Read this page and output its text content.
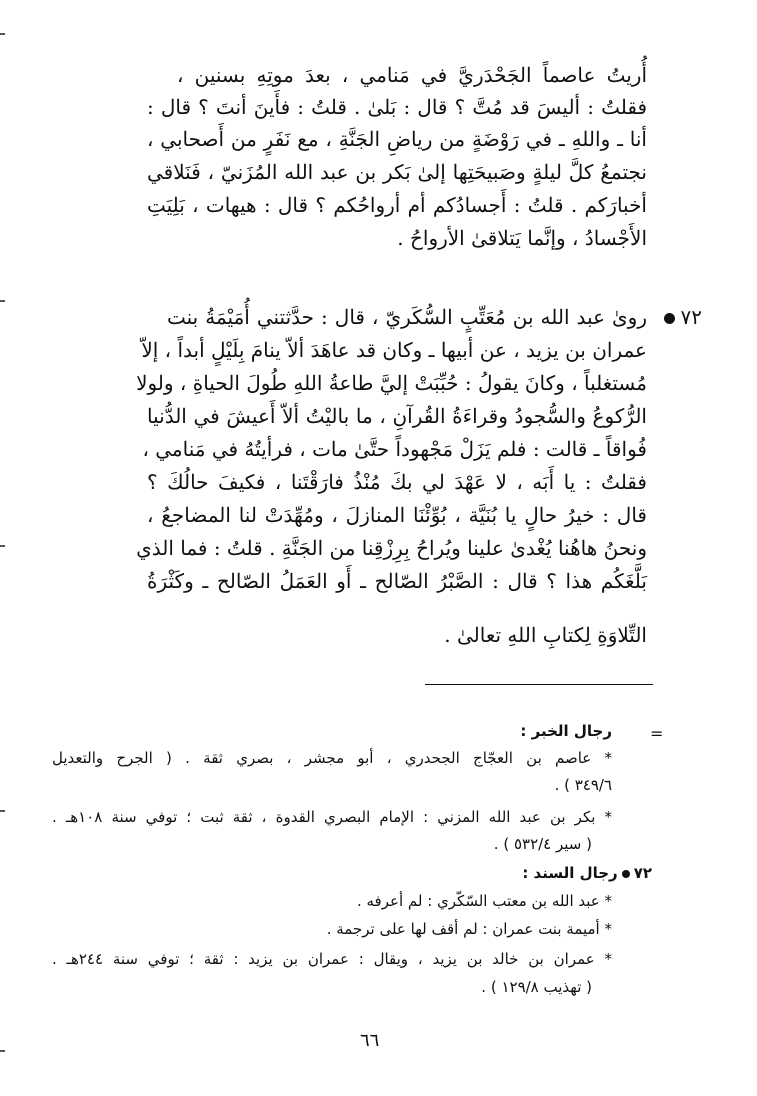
أُريتُ عاصماً الجَحْدَريَّ في مَنامي ، بعدَ موتِهِ بسنين ،
فقلتُ : أليسَ قد مُتَّ ؟ قال : بَلىٰ . قلتُ : فأَينَ أنتَ ؟ قال :
أنا ـ واللهِ ـ في رَوْضَةٍ من رياضِ الجَنَّةِ ، مع نَفَرٍ من أَصحابي ،
نجتمعُ كلَّ ليلةٍ وصَبيحَتِها إلىٰ بَكر بن عبد الله المُزَنيّ ، فَنَلاقي
أخبارَكم . قلتُ : أَجسادُكم أم أرواحُكم ؟ قال : هيهات ، بَلِيَتِ
الأَجْسادُ ، وإنَّما يَتلاقىٰ الأرواحُ .
٧٢
روىٰ عبد الله بن مُعَتِّبٍ السُّكَريّ ، قال : حدَّثتني أُمَيْمَةُ بنت
عمران بن يزيد ، عن أبيها ـ وكان قد عاهَدَ ألاّ ينامَ بِلَيْلٍ أبداً ، إلاّ
مُستغلباً ، وكانَ يقولُ : حُبِّبَتْ إليَّ طاعةُ اللهِ طُولَ الحياةِ ، ولولا
الرُّكوعُ والسُّجودُ وقراءَةُ القُرآنِ ، ما باليْتُ ألاّ أَعيشَ في الدُّنيا
فُواقاً ـ قالت : فلم يَزَلْ مَجْهوداً حتَّىٰ مات ، فرأيتُهُ في مَنامي ،
فقلتُ : يا أَبَه ، لا عَهْدَ لي بكَ مُنْذُ فارَقْتَنا ، فكيفَ حالُكَ ؟
قال : خيرُ حالٍ يا بُنَيَّة ، بُوِّئْنَا المنازلَ ، ومُهِّدَتْ لنا المضاجعُ ،
ونحنُ هاهُنا يُغْدىٰ علينا ويُراحُ بِرِزْقِنا من الجَنَّةِ . قلتُ : فما الذي
بَلَّغَكُم هذا ؟ قال : الصَّبْرُ الصّالح ـ أَو العَمَلُ الصّالح ـ وكَثْرَةُ
التِّلاوَةِ لِكتابِ اللهِ تعالىٰ .
=
رجال الخبر :
* عاصم بن العجّاج الجحدري ، أبو مجشر ، بصري ثقة . ( الجرح والتعديل
٣٤٩/٦ ) .
* بكر بن عبد الله المزني : الإمام البصري القدوة ، ثقة ثبت ؛ توفي سنة ١٠٨هـ .
( سير ٥٣٢/٤ ) .
٧٢رجال السند :
* عبد الله بن معتب السّكّري : لم أعرفه .
* أميمة بنت عمران : لم أقف لها على ترجمة .
* عمران بن خالد بن يزيد ، ويقال : عمران بن يزيد : ثقة ؛ توفي سنة ٢٤٤هـ .
( تهذيب ١٢٩/٨ ) .
٦٦
